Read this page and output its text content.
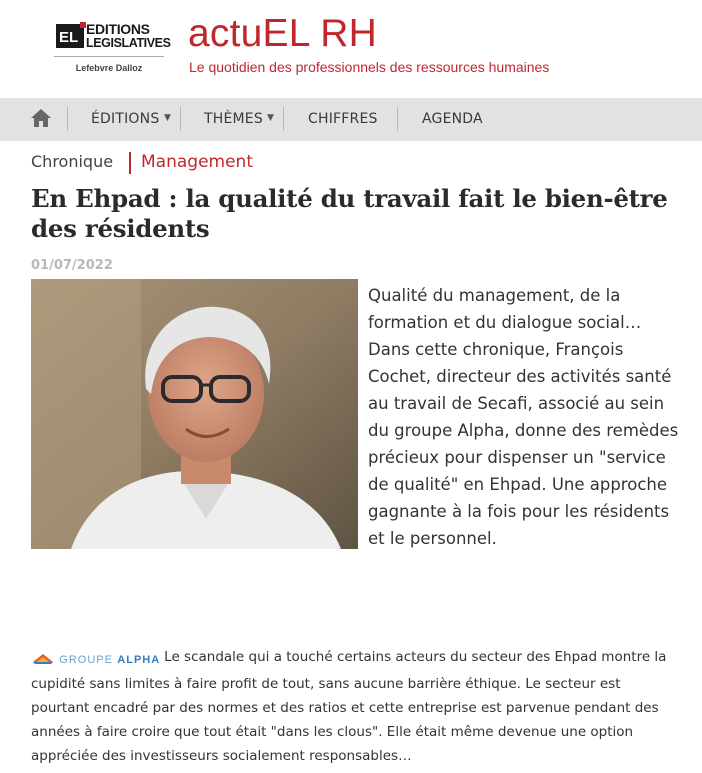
EL EDITIONS
LEGISLATIVES
Lefebvre Dalloz
actuEL RH
Le quotidien des professionnels des ressources humaines
ÉDITIONS ▼ THÈMES ▼ CHIFFRES	AGENDA
Chronique Management
En Ehpad : la qualité du travail fait le bien-être des résidents
01/07/2022

Qualité du management, de la formation et du dialogue social… Dans cette chronique, François Cochet, directeur des activités santé au travail de Secafi, associé au sein du groupe Alpha, donne des remèdes précieux pour dispenser un "service de qualité" en Ehpad. Une approche gagnante à la fois pour les résidents et le personnel.

GROUPE ALPHA Le scandale qui a touché certains acteurs du secteur des Ehpad montre la cupidité sans limites à faire profit de tout, sans aucune barrière éthique. Le secteur est pourtant encadré par des normes et des ratios et cette entreprise est parvenue pendant des années à faire croire que tout était "dans les clous". Elle était même devenue une option appréciée des investisseurs socialement responsables…
